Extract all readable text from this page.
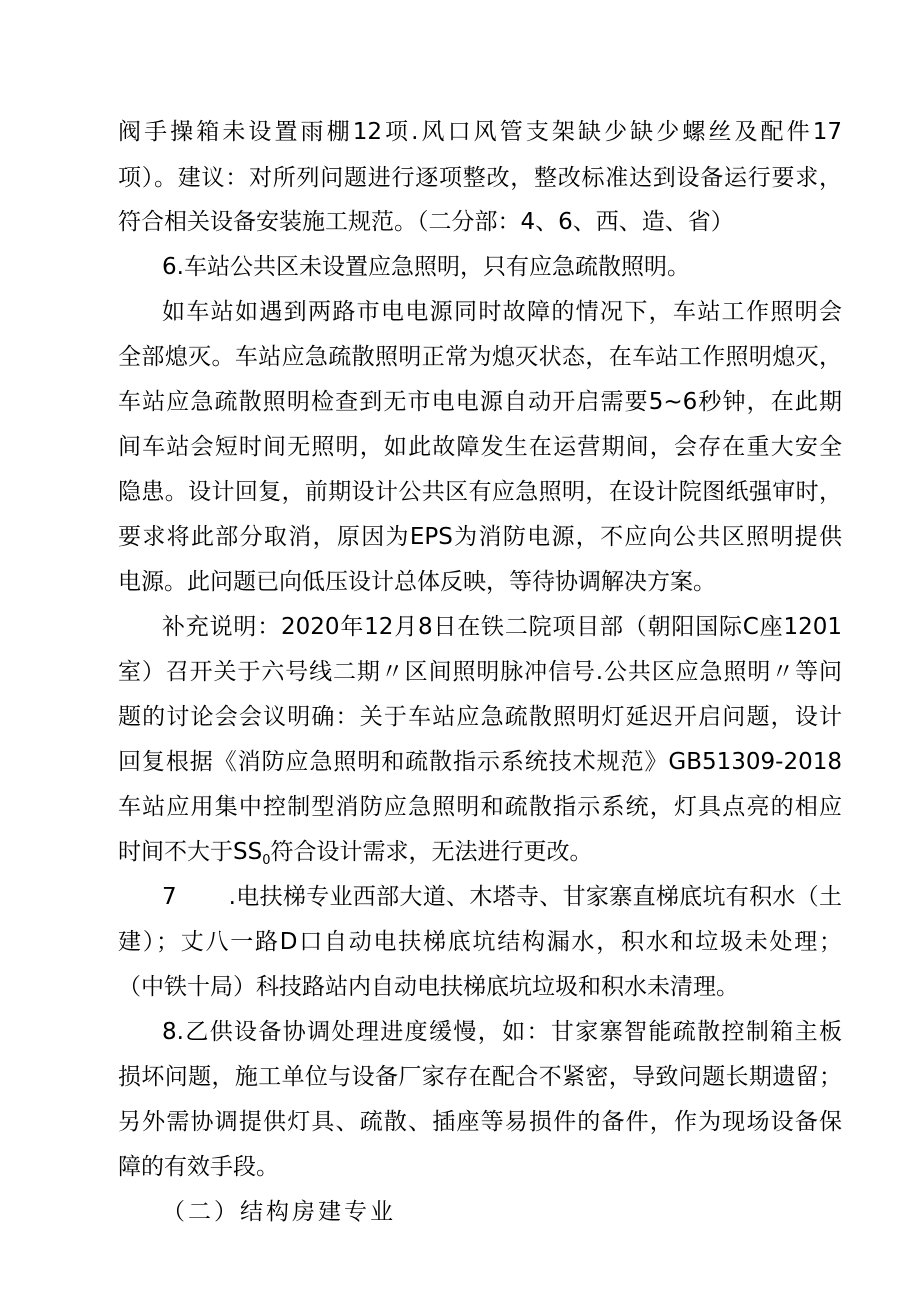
阀手操箱未设置雨棚12项.风口风管支架缺少缺少螺丝及配件17
项）。建议：对所列问题进行逐项整改，整改标准达到设备运行要求，
符合相关设备安装施工规范。（二分部：4、6、西、造、省）
6.车站公共区未设置应急照明，只有应急疏散照明。
如车站如遇到两路市电电源同时故障的情况下，车站工作照明会
全部熄灭。车站应急疏散照明正常为熄灭状态，在车站工作照明熄灭，
车站应急疏散照明检查到无市电电源自动开启需要5~6秒钟，在此期
间车站会短时间无照明，如此故障发生在运营期间，会存在重大安全
隐患。设计回复，前期设计公共区有应急照明，在设计院图纸强审时，
要求将此部分取消，原因为EPS为消防电源，不应向公共区照明提供
电源。此问题已向低压设计总体反映，等待协调解决方案。
补充说明：2020年12月8日在铁二院项目部（朝阳国际C座1201
室）召开关于六号线二期〃区间照明脉冲信号.公共区应急照明〃等问
题的讨论会会议明确：关于车站应急疏散照明灯延迟开启问题，设计
回复根据《消防应急照明和疏散指示系统技术规范》GB51309-2018
车站应用集中控制型消防应急照明和疏散指示系统，灯具点亮的相应
时间不大于$SS_0$符合设计需求，无法进行更改。
7 .电扶梯专业西部大道、木塔寺、甘家寨直梯底坑有积水（土
建）；丈八一路D口自动电扶梯底坑结构漏水，积水和垃圾未处理；
（中铁十局）科技路站内自动电扶梯底坑垃圾和积水未清理。
8.乙供设备协调处理进度缓慢，如：甘家寨智能疏散控制箱主板
损坏问题，施工单位与设备厂家存在配合不紧密，导致问题长期遗留；
另外需协调提供灯具、疏散、插座等易损件的备件，作为现场设备保
障的有效手段。
（二）结构房建专业
